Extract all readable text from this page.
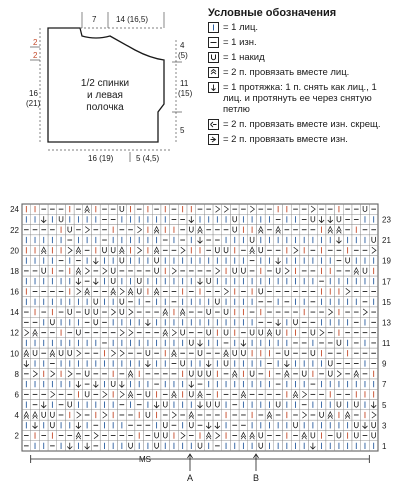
7 14 (16,5)
2
2
16
(21)
4
(5)
11
(15)
5
16 (19)	5 (4,5)
1/2 спинки
и левая
полочка
Условные обозначения
= 1 лиц.
= 1 изн.
= 1 накид
= 2 п. провязать вместе лиц.
= 1 протяжка: 1 п. снять как лиц., 1 лиц. и протянуть ее через снятую петлю
= 2 п. провязать вместе изн. скрещ.
= 2 п. провязать вместе изн.
24
22
20
18
16
14
12
10
8
6
4
2
23
21
19
17
15
13
11
9
7
5
3
1
MS
A	B
